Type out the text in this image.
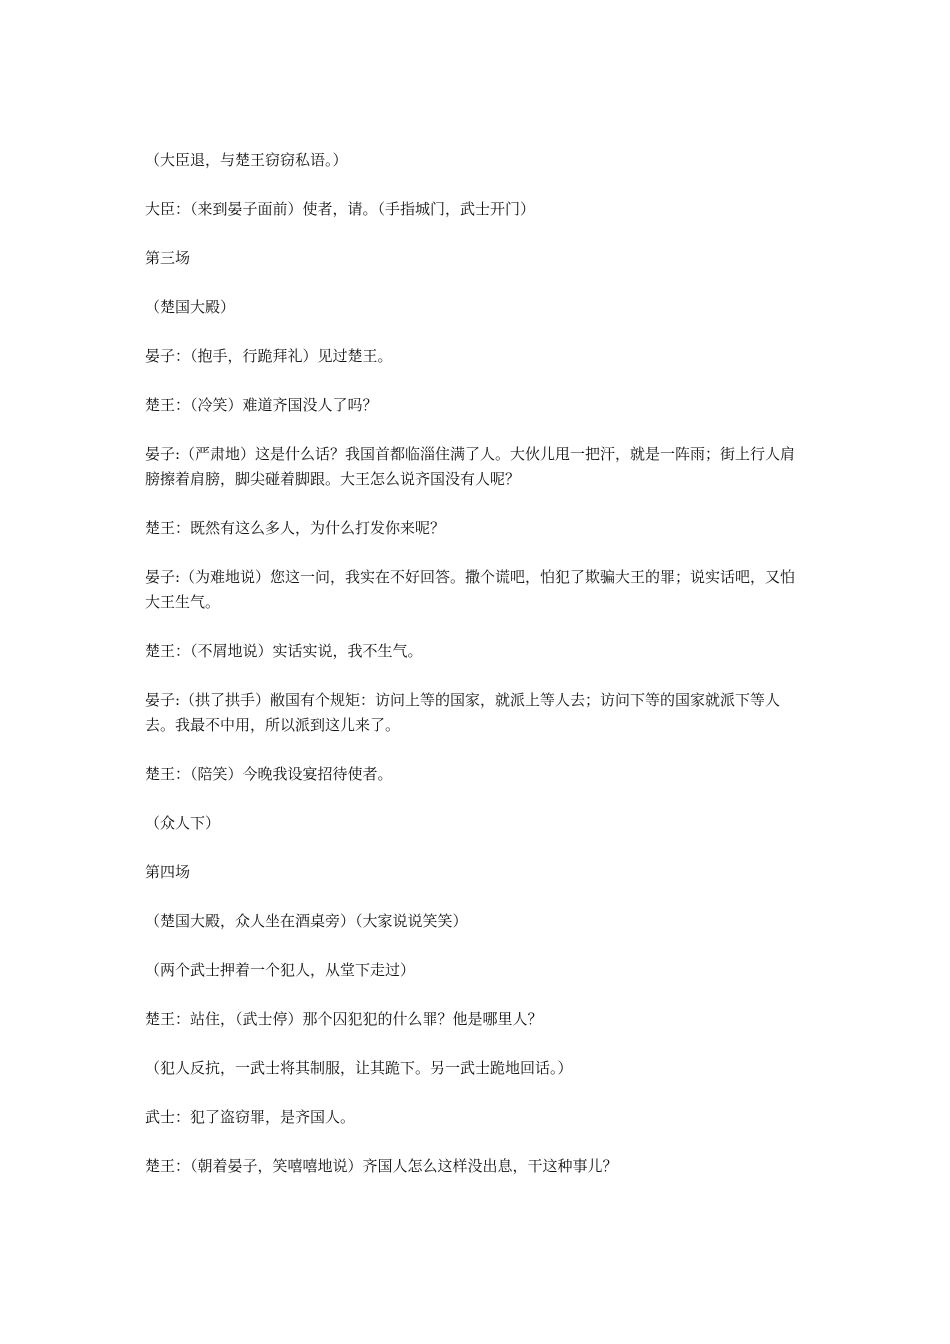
（大臣退，与楚王窃窃私语。）

大臣：（来到晏子面前）使者，请。（手指城门，武士开门）

第三场

（楚国大殿）

晏子：（抱手，行跪拜礼）见过楚王。

楚王：（冷笑）难道齐国没人了吗？

晏子:（严肃地）这是什么话？我国首都临淄住满了人。大伙儿甩一把汗，就是一阵雨；街上行人肩膀擦着肩膀，脚尖碰着脚跟。大王怎么说齐国没有人呢？

楚王：既然有这么多人，为什么打发你来呢？

晏子:（为难地说）您这一问，我实在不好回答。撒个谎吧，怕犯了欺骗大王的罪；说实话吧，又怕大王生气。

楚王：（不屑地说）实话实说，我不生气。

晏子:（拱了拱手）敝国有个规矩：访问上等的国家，就派上等人去；访问下等的国家就派下等人去。我最不中用，所以派到这儿来了。

楚王：（陪笑）今晚我设宴招待使者。

（众人下）

第四场

（楚国大殿，众人坐在酒桌旁）（大家说说笑笑）

（两个武士押着一个犯人，从堂下走过）

楚王：站住，（武士停）那个囚犯犯的什么罪？他是哪里人？

（犯人反抗，一武士将其制服，让其跪下。另一武士跪地回话。）

武士：犯了盗窃罪，是齐国人。

楚王：（朝着晏子，笑嘻嘻地说）齐国人怎么这样没出息，干这种事儿？
